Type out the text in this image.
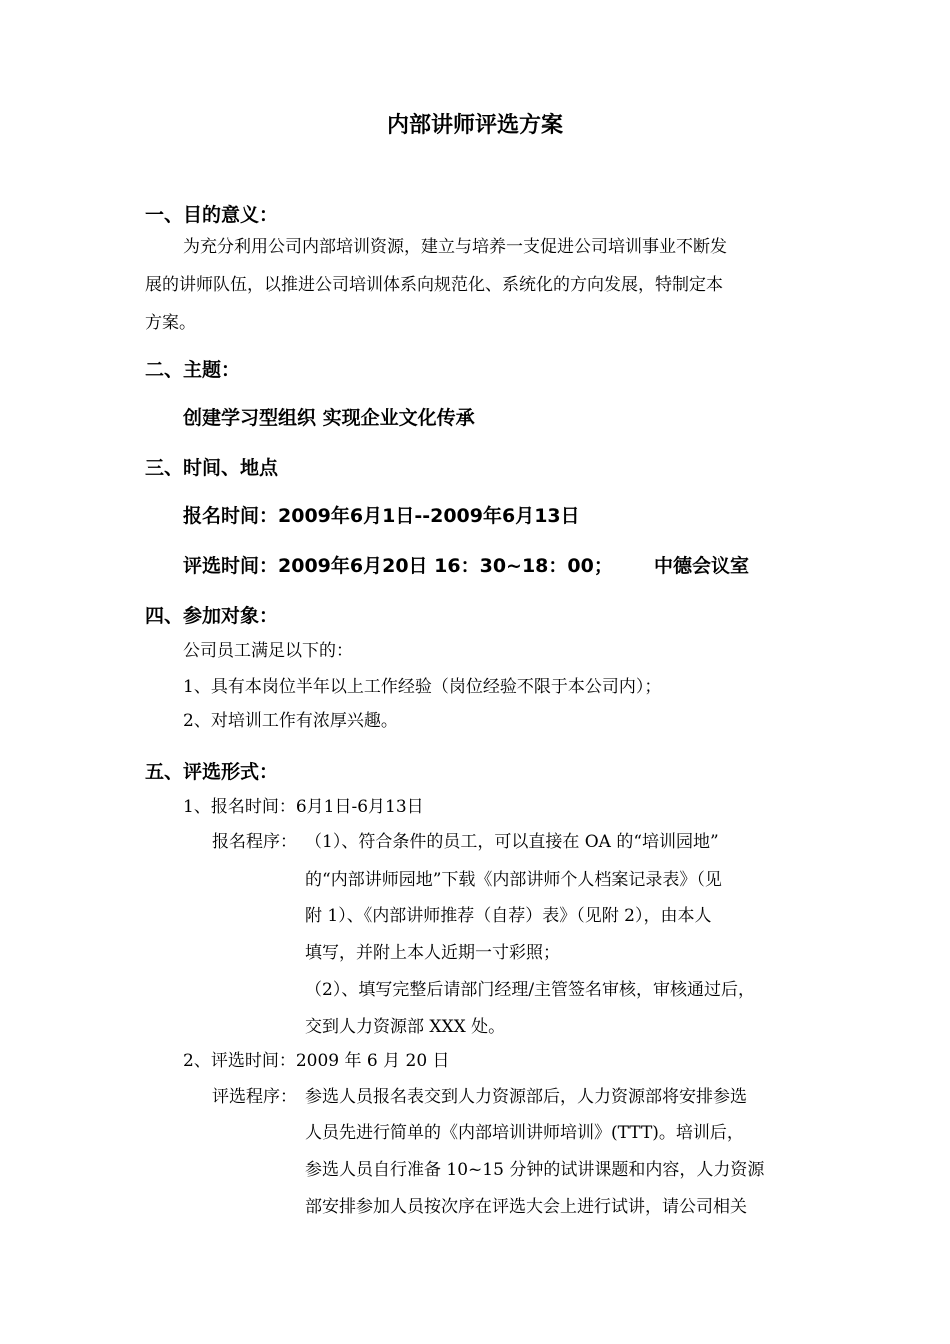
内部讲师评选方案
一、目的意义：
为充分利用公司内部培训资源，建立与培养一支促进公司培训事业不断发
展的讲师队伍，以推进公司培训体系向规范化、系统化的方向发展，特制定本
方案。
二、主题：
创建学习型组织 实现企业文化传承
三、时间、地点
报名时间：2009年6月1日--2009年6月13日
评选时间：2009年6月20日 16：30~18：00； 中德会议室
四、参加对象：
公司员工满足以下的：
1、具有本岗位半年以上工作经验（岗位经验不限于本公司内）；
2、对培训工作有浓厚兴趣。
五、评选形式：
1、报名时间：6月1日-6月13日
报名程序： （1）、符合条件的员工，可以直接在 OA 的“培训园地”
的“内部讲师园地”下载《内部讲师个人档案记录表》（见
附 1）、《内部讲师推荐（自荐）表》（见附 2），由本人
填写，并附上本人近期一寸彩照；
（2）、填写完整后请部门经理/主管签名审核，审核通过后，
交到人力资源部 XXX 处。
2、评选时间：2009 年 6 月 20 日
评选程序： 参选人员报名表交到人力资源部后，人力资源部将安排参选
人员先进行简单的《内部培训讲师培训》(TTT)。培训后，
参选人员自行准备 10~15 分钟的试讲课题和内容，人力资源
部安排参加人员按次序在评选大会上进行试讲，请公司相关
